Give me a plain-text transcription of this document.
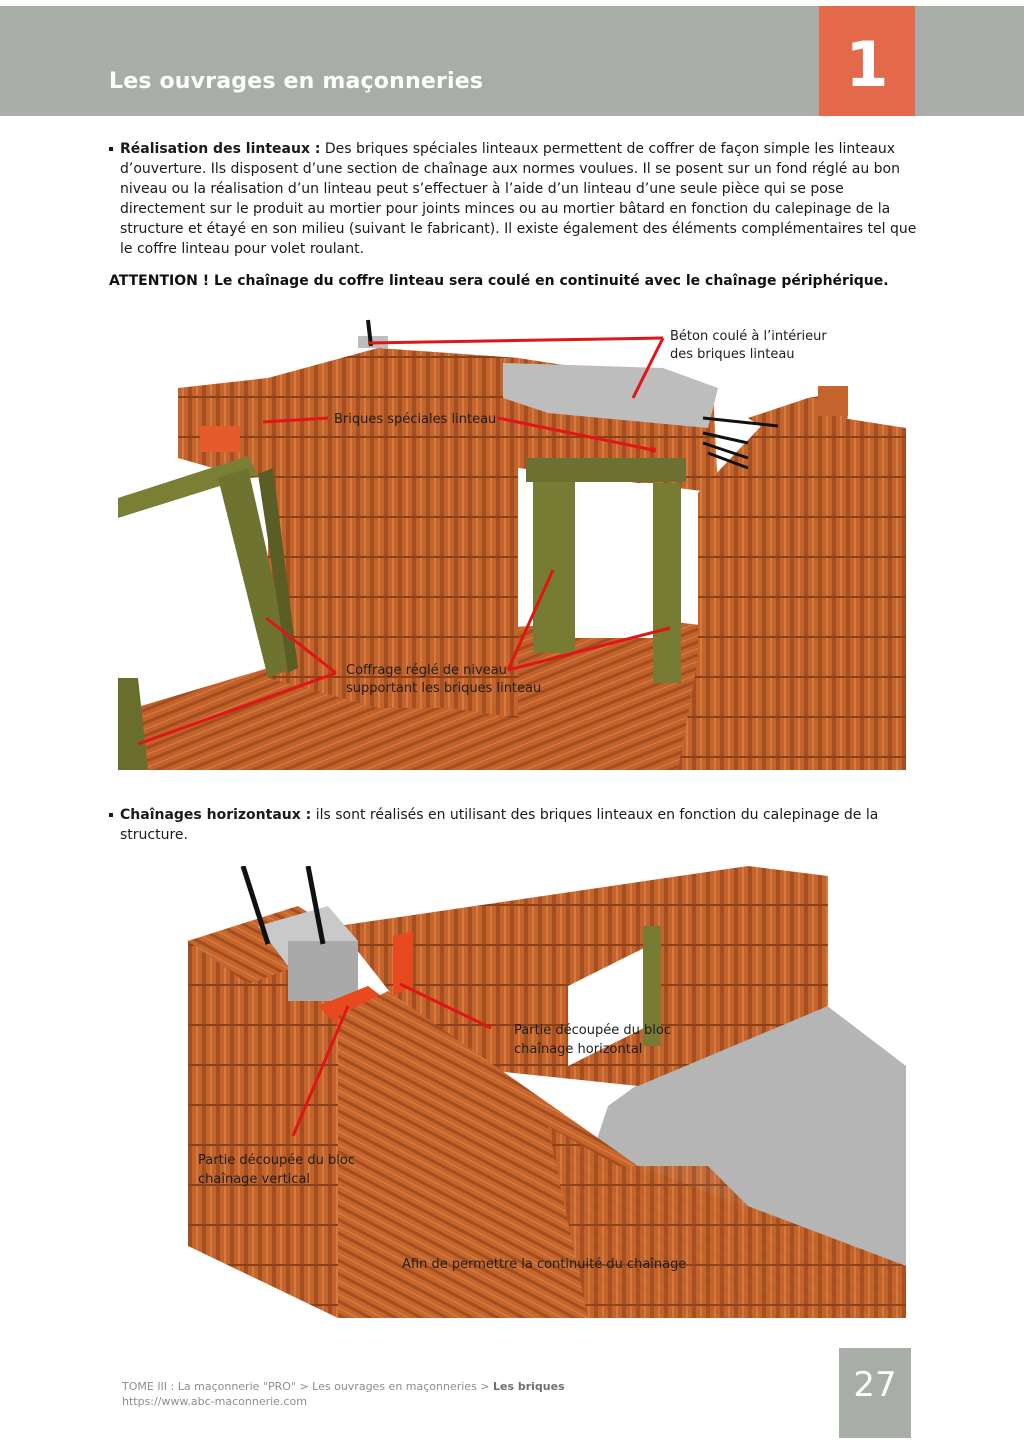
Les ouvrages en maçonneries	1
Réalisation des linteaux : Des briques spéciales linteaux permettent de coffrer de façon simple les linteaux d’ouverture. Ils disposent d’une section de chaînage aux normes voulues. Il se posent sur un fond réglé au bon niveau ou la réalisation d’un linteau peut s’effectuer à l’aide d’un linteau d’une seule pièce qui se pose directement sur le produit au mortier pour joints minces ou au mortier bâtard en fonction du calepinage de la structure et étayé en son milieu (suivant le fabricant). Il existe également des éléments complémentaires tel que le coffre linteau pour volet roulant.
ATTENTION ! Le chaînage du coffre linteau sera coulé en continuité avec le chaînage périphérique.
Béton coulé à l’intérieur
des briques linteau
Briques spéciales linteau
Coffrage réglé de niveau
supportant les briques linteau
Chaînages horizontaux : ils sont réalisés en utilisant des briques linteaux en fonction du calepinage de la structure.
Partie découpée du bloc
chaînage horizontal
Partie découpée du bloc
chaînage vertical
Afin de permettre la continuité du chaînage
TOME III : La maçonnerie "PRO" > Les ouvrages en maçonneries > Les briques
https://www.abc-maconnerie.com	27
